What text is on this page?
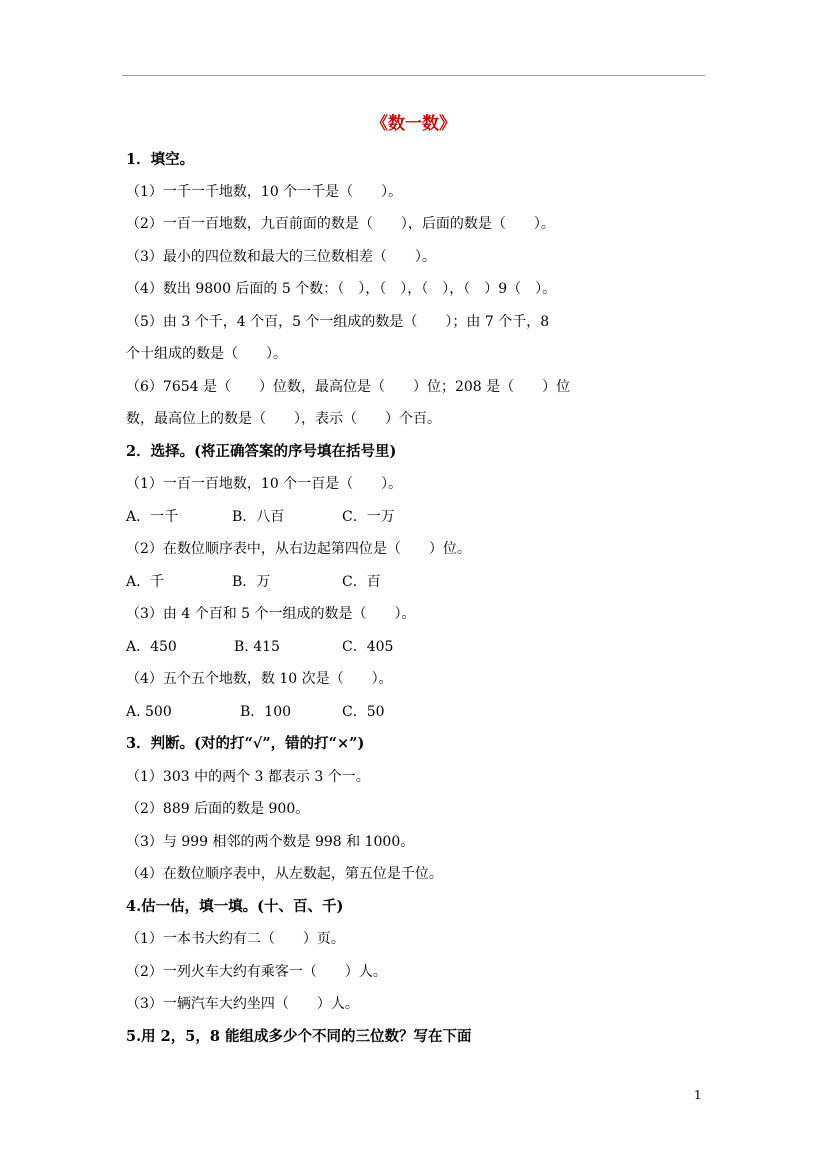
《数一数》
1．填空。
（1）一千一千地数，10 个一千是（　　）。
（2）一百一百地数，九百前面的数是（　　），后面的数是（　　）。
（3）最小的四位数和最大的三位数相差（　　）。
（4）数出 9800 后面的 5 个数：（　），（　），（　），（　）9（　）。
（5）由 3 个千，4 个百，5 个一组成的数是（　　）；由 7 个千，8
个十组成的数是（　　）。
（6）7654 是（　　）位数，最高位是（　　）位；208 是（　　）位
数，最高位上的数是（　　），表示（　　）个百。
2．选择。(将正确答案的序号填在括号里)
（1）一百一百地数，10 个一百是（　　）。
A．一千	B．八百	C．一万
（2）在数位顺序表中，从右边起第四位是（　　）位。
A．千	B．万	C．百
（3）由 4 个百和 5 个一组成的数是（　　）。
A．450	B. 415	C．405
（4）五个五个地数，数 10 次是（　　）。
A. 500	B．100	C．50
3．判断。(对的打“√”，错的打“×”)
（1）303 中的两个 3 都表示 3 个一。
（2）889 后面的数是 900。
（3）与 999 相邻的两个数是 998 和 1000。
（4）在数位顺序表中，从左数起，第五位是千位。
4.估一估，填一填。(十、百、千)
（1）一本书大约有二（　　）页。
（2）一列火车大约有乘客一（　　）人。
（3）一辆汽车大约坐四（　　）人。
5.用 2，5，8 能组成多少个不同的三位数？写在下面
1
